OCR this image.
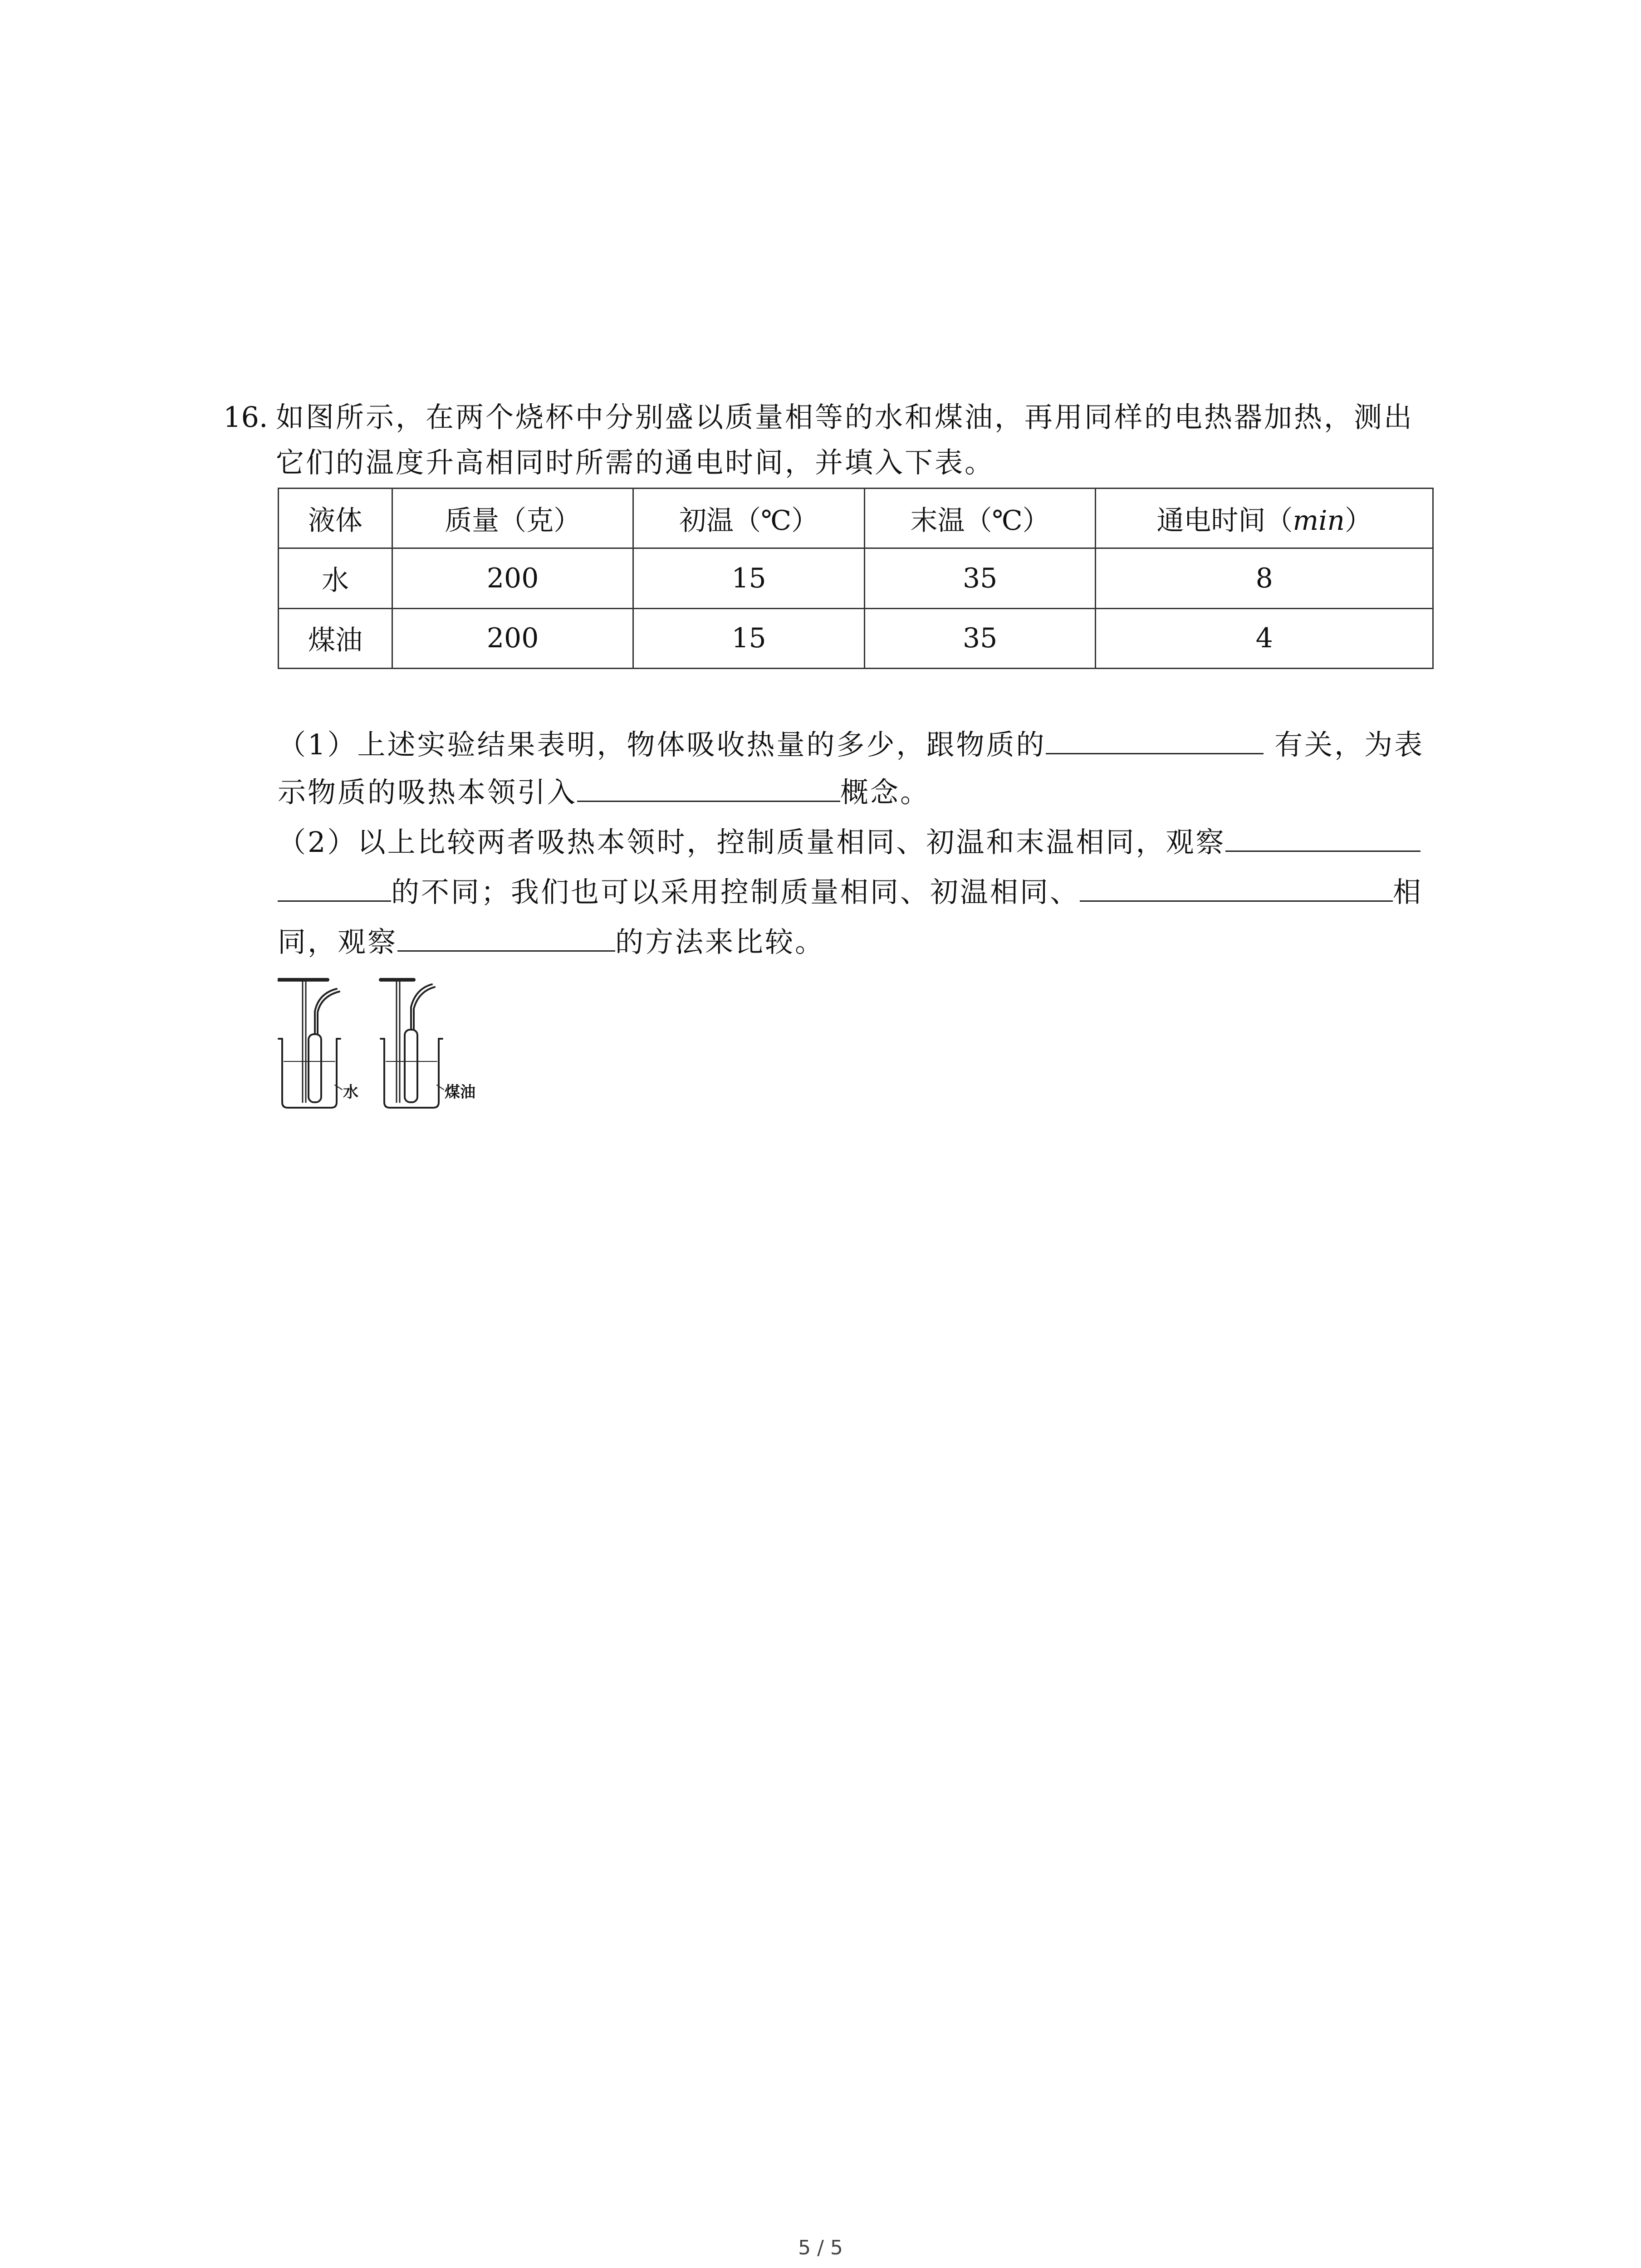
16. 如图所示，在两个烧杯中分别盛以质量相等的水和煤油，再用同样的电热器加热，测出
它们的温度升高相同时所需的通电时间，并填入下表。
液体	质量（克）	初温（℃）	末温（℃）	通电时间（min）
水	200	15	35	8
煤油	200	15	35	4
（1）上述实验结果表明，物体吸收热量的多少，跟物质的	有关，为表
示物质的吸热本领引入	概念。
（2）以上比较两者吸热本领时，控制质量相同、初温和末温相同，观察
的不同；我们也可以采用控制质量相同、初温相同、	相
同，观察	的方法来比较。
水	煤油
5 / 5
